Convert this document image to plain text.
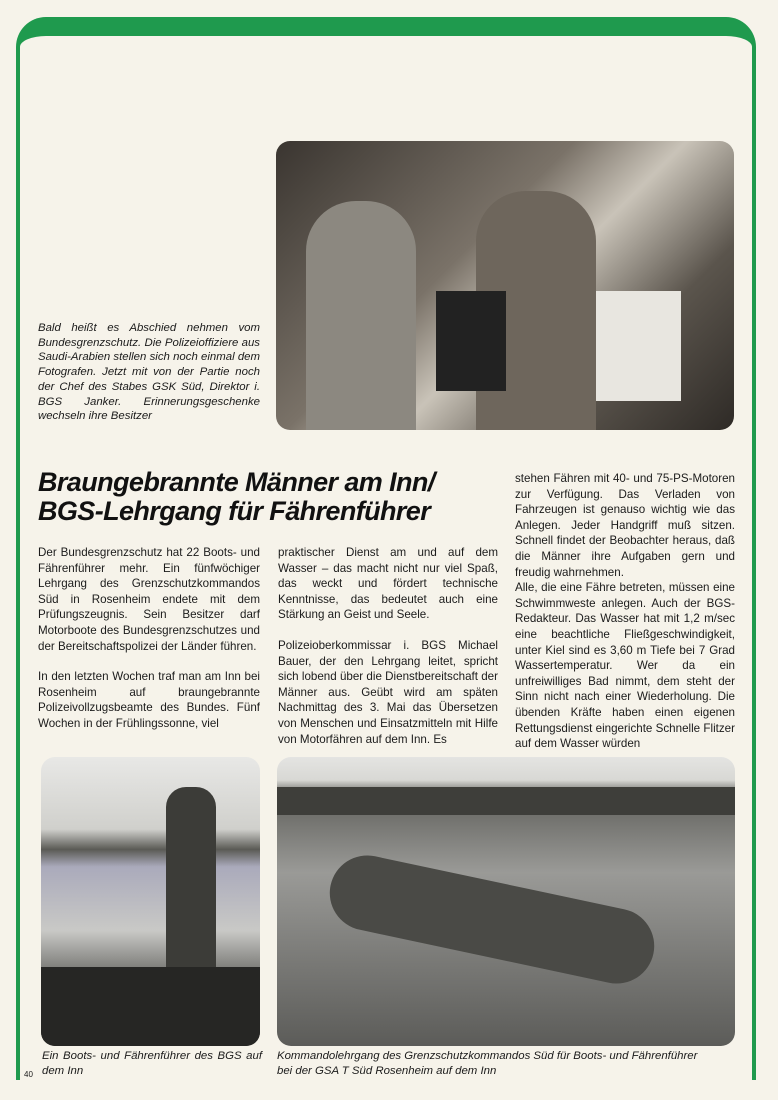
Bald heißt es Abschied nehmen vom Bundesgrenzschutz. Die Polizeioffiziere aus Saudi-Arabien stellen sich noch einmal dem Fotografen. Jetzt mit von der Partie noch der Chef des Stabes GSK Süd, Direktor i. BGS Janker. Erinnerungsgeschenke wechseln ihre Besitzer
Braungebrannte Männer am Inn/
BGS-Lehrgang für Fährenführer

Der Bundesgrenzschutz hat 22 Boots- und Fährenführer mehr. Ein fünfwöchiger Lehrgang des Grenzschutzkommandos Süd in Rosenheim endete mit dem Prüfungszeugnis. Sein Besitzer darf Motorboote des Bundesgrenzschutzes und der Bereitschaftspolizei der Länder führen.

In den letzten Wochen traf man am Inn bei Rosenheim auf braungebrannte Polizeivollzugsbeamte des Bundes. Fünf Wochen in der Frühlingssonne, viel

praktischer Dienst am und auf dem Wasser – das macht nicht nur viel Spaß, das weckt und fördert technische Kenntnisse, das bedeutet auch eine Stärkung an Geist und Seele.

Polizeioberkommissar i. BGS Michael Bauer, der den Lehrgang leitet, spricht sich lobend über die Dienstbereitschaft der Männer aus. Geübt wird am späten Nachmittag des 3. Mai das Übersetzen von Menschen und Einsatzmitteln mit Hilfe von Motorfähren auf dem Inn. Es

stehen Fähren mit 40- und 75-PS-Motoren zur Verfügung. Das Verladen von Fahrzeugen ist genauso wichtig wie das Anlegen. Jeder Handgriff muß sitzen. Schnell findet der Beobachter heraus, daß die Männer ihre Aufgaben gern und freudig wahrnehmen.

Alle, die eine Fähre betreten, müssen eine Schwimmweste anlegen. Auch der BGS-Redakteur. Das Wasser hat mit 1,2 m/sec eine beachtliche Fließgeschwindigkeit, unter Kiel sind es 3,60 m Tiefe bei 7 Grad Wassertemperatur. Wer da ein unfreiwilliges Bad nimmt, dem steht der Sinn nicht nach einer Wiederholung. Die übenden Kräfte haben einen eigenen Rettungsdienst eingerichte Schnelle Flitzer auf dem Wasser würden

Ein Boots- und Fährenführer des BGS auf dem Inn
Kommandolehrgang des Grenzschutzkommandos Süd für Boots- und Fährenführer
bei der GSA T Süd Rosenheim auf dem Inn
40
